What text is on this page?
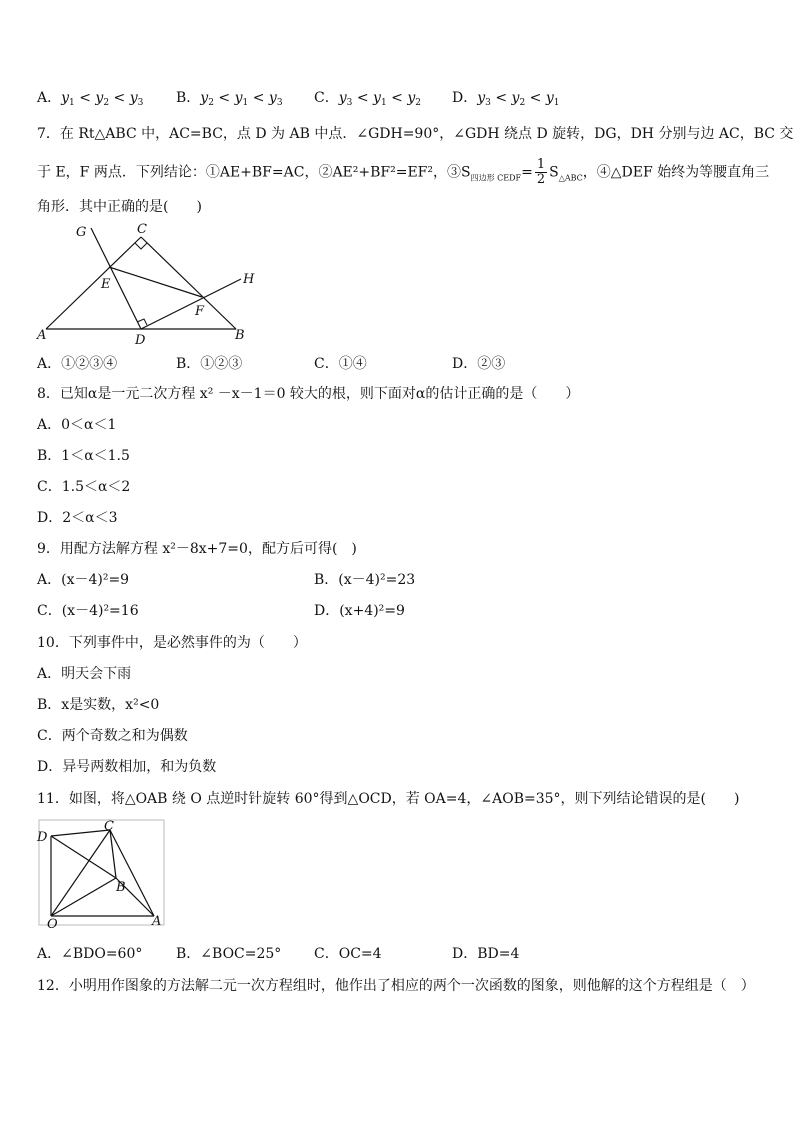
A．$y_1 < y_2 < y_3$ B．$y_2 < y_1 < y_3$ C．$y_3 < y_1 < y_2$ D．$y_3 < y_2 < y_1$
7．在 Rt△ABC 中，AC=BC，点 D 为 AB 中点．∠GDH=90°，∠GDH 绕点 D 旋转，DG，DH 分别与边 AC，BC 交
于 E，F 两点．下列结论：①AE+BF=AC，②AE²+BF²=EF²，$③S_{四边形 CEDF}= \frac{1}{2} S_{\triangle ABC}$，④△DEF 始终为等腰直角三
角形．其中正确的是(　　)
G	C
E	H
F
A	D	B
A．①②③④	B．①②③	C．①④	D．②③
8．已知α是一元二次方程 x² －x－1＝0 较大的根，则下面对α的估计正确的是（　　）
A．0＜α＜1
B．1＜α＜1.5
C．1.5＜α＜2
D．2＜α＜3
9．用配方法解方程 x²－8x+7=0，配方后可得(　)
A．(x－4)²=9	B．(x－4)²=23
C．(x－4)²=16	D．(x+4)²=9
10．下列事件中，是必然事件的为（　　）
A．明天会下雨
B．x是实数，x²<0
C．两个奇数之和为偶数
D．异号两数相加，和为负数
11．如图，将△OAB 绕 O 点逆时针旋转 60°得到△OCD，若 OA=4，∠AOB=35°，则下列结论错误的是(　　)
D
C
B
O	A
A．∠BDO=60° B．∠BOC=25° C．OC=4	D．BD=4
12．小明用作图象的方法解二元一次方程组时，他作出了相应的两个一次函数的图象，则他解的这个方程组是（　）
